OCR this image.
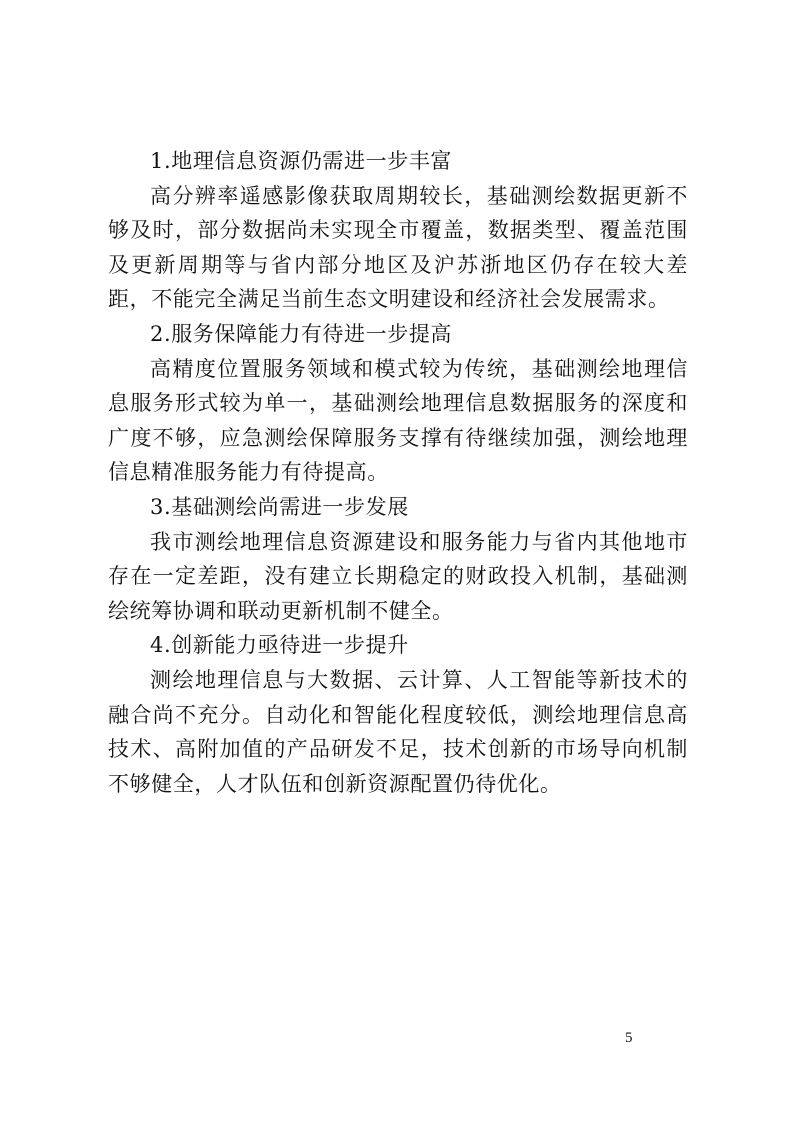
1.地理信息资源仍需进一步丰富

高分辨率遥感影像获取周期较长，基础测绘数据更新不够及时，部分数据尚未实现全市覆盖，数据类型、覆盖范围及更新周期等与省内部分地区及沪苏浙地区仍存在较大差距，不能完全满足当前生态文明建设和经济社会发展需求。

2.服务保障能力有待进一步提高

高精度位置服务领域和模式较为传统，基础测绘地理信息服务形式较为单一，基础测绘地理信息数据服务的深度和广度不够，应急测绘保障服务支撑有待继续加强，测绘地理信息精准服务能力有待提高。

3.基础测绘尚需进一步发展

我市测绘地理信息资源建设和服务能力与省内其他地市存在一定差距，没有建立长期稳定的财政投入机制，基础测绘统筹协调和联动更新机制不健全。

4.创新能力亟待进一步提升

测绘地理信息与大数据、云计算、人工智能等新技术的融合尚不充分。自动化和智能化程度较低，测绘地理信息高技术、高附加值的产品研发不足，技术创新的市场导向机制不够健全，人才队伍和创新资源配置仍待优化。

5
